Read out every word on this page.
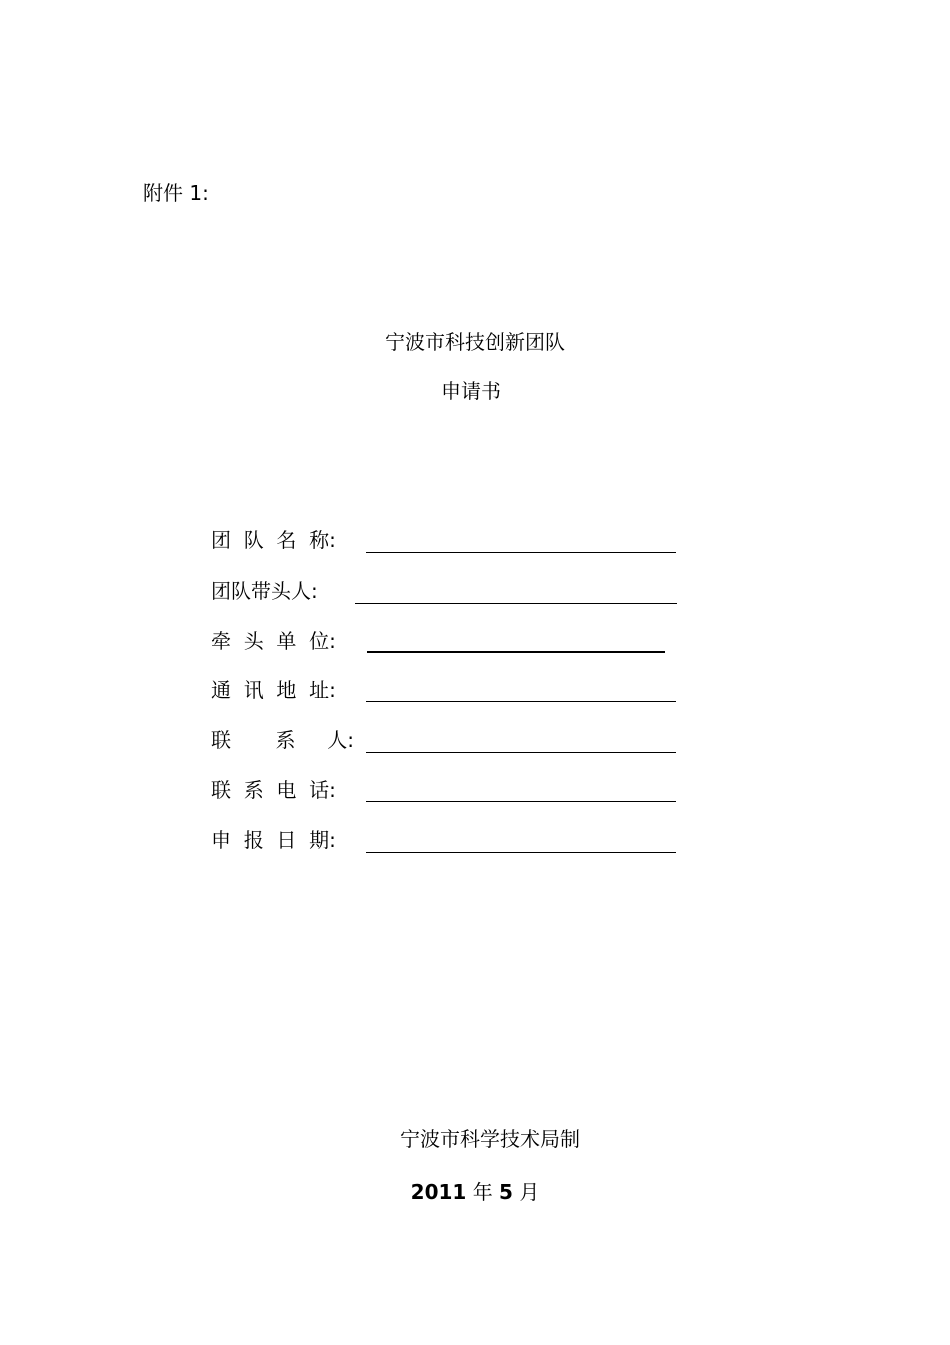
附件 1:
宁波市科技创新团队
申请书
团  队  名  称:
团队带头人:
牵  头  单  位:
通  讯  地  址:
联       系     人:
联  系  电  话:
申  报  日  期:
宁波市科学技术局制
2011 年 5 月
